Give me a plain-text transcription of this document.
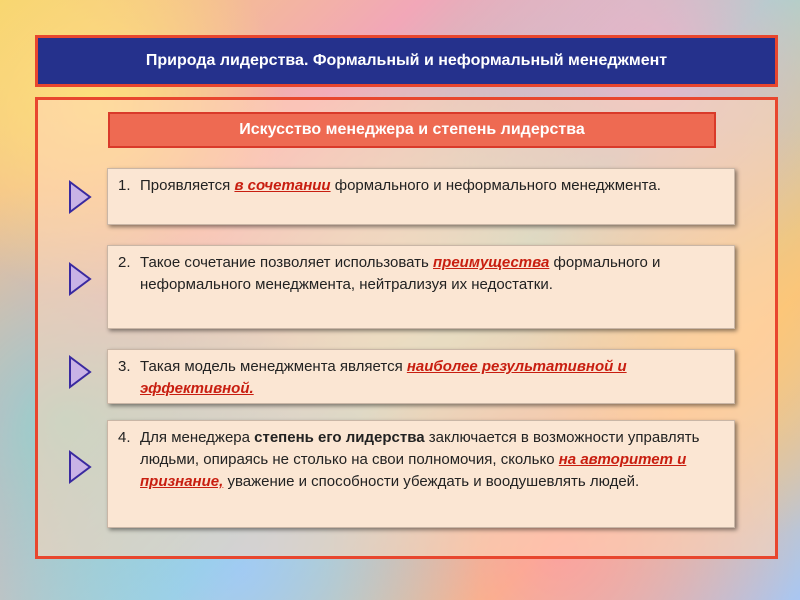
Природа лидерства. Формальный и неформальный менеджмент
Искусство менеджера и степень лидерства
1. Проявляется в сочетании формального и неформального менеджмента.
2. Такое сочетание позволяет использовать преимущества формального и неформального менеджмента, нейтрализуя их недостатки.
3. Такая модель менеджмента является наиболее результативной и эффективной.
4. Для менеджера степень его лидерства заключается в возможности управлять людьми, опираясь не столько на свои полномочия, сколько на авторитет и признание, уважение и способности убеждать и воодушевлять людей.
